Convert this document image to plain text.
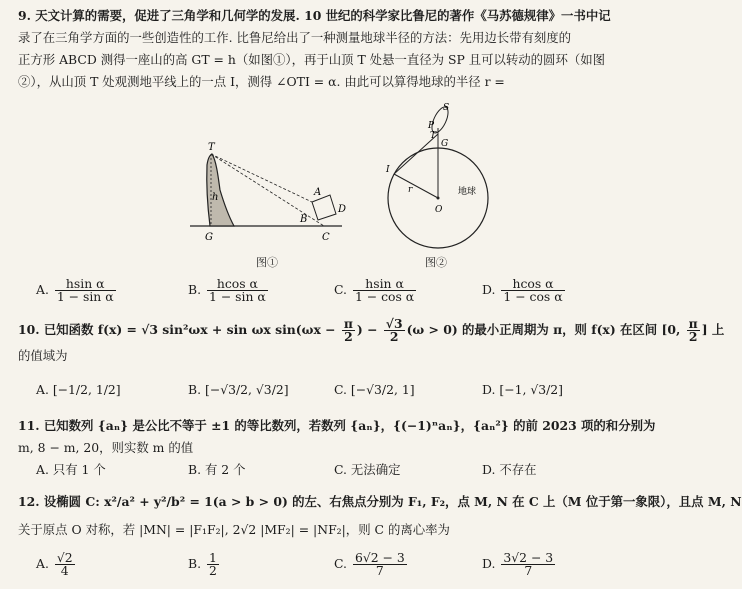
9. 天文计算的需要，促进了三角学和几何学的发展. 10 世纪的科学家比鲁尼的著作《马苏德规律》一书中记
录了在三角学方面的一些创造性的工作. 比鲁尼给出了一种测量地球半径的方法：先用边长带有刻度的
正方形 ABCD 测得一座山的高 GT = h（如图①），再于山顶 T 处悬一直径为 SP 且可以转动的圆环（如图
②），从山顶 T 处观测地平线上的一点 I，测得 ∠OTI = α. 由此可以算得地球的半径 r =
T
h
G
A
B
C
D
图①
S
P
T
G
I
r
O
地球
图②
A. $\frac{\text{hsin α}}{\text{1 − sin α}}$	B. $\frac{\text{hcos α}}{\text{1 − sin α}}$	C. $\frac{\text{hsin α}}{\text{1 − cos α}}$	D. $\frac{\text{hcos α}}{\text{1 − cos α}}$
10. 已知函数 f(x) = √3 sin²ωx + sin ωx $\sin(\omega x - \frac{\pi}{2}$ ) − $\frac{√3}{2} (\omega > 0)$ 的最小正周期为 π，则 f(x) 在区间 [0, $\frac{\pi}{2}$ ] 上
的值域为
A. [−1/2, 1/2]	B. [−√3/2, √3/2]	C. [−√3/2, 1]	D. [−1, √3/2]
11. 已知数列 {aₙ} 是公比不等于 ±1 的等比数列，若数列 {aₙ}，{(−1)ⁿaₙ}，{aₙ²} 的前 2023 项的和分别为
m, 8 − m, 20，则实数 m 的值
A. 只有 1 个	B. 有 2 个	C. 无法确定	D. 不存在
12. 设椭圆 C: x²/a² + y²/b² = 1(a > b > 0) 的左、右焦点分别为 F₁, F₂，点 M, N 在 C 上（M 位于第一象限），且点 M, N
关于原点 O 对称，若 |MN| = |F₁F₂|, 2√2 |MF₂| = |NF₂|，则 C 的离心率为
A. $\frac{√2}{4}$	B. $\frac{1}{2}$	C. $\frac{6√2 - 3}{7}$	D. $\frac{3√2 - 3}{7}$
